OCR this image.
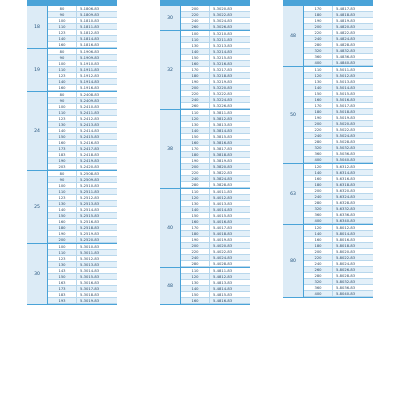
18
80	5-1806-83
90	5-1809-83
100	5-1810-83
110	5-1811-83
123	5-1812-83
140	5-1814-83
160	5-1816-83
19
80	5-1906-83
90	5-1909-83
100	5-1910-83
110	5-1911-83
123	5-1912-83
140	5-1914-83
160	5-1916-83
24
80	5-2408-83
90	5-2409-83
100	5-2410-83
110	5-2411-83
123	5-2412-83
130	5-2413-83
140	5-2414-83
150	5-2415-83
160	5-2416-83
173	5-2417-83
183	5-2418-83
190	5-2419-83
203	5-2420-83
25
80	5-2508-83
90	5-2509-83
100	5-2510-83
110	5-2511-83
123	5-2512-83
130	5-2513-83
140	5-2514-83
150	5-2515-83
160	5-2516-83
180	5-2518-83
190	5-2519-83
200	5-2520-83
30
100	5-3010-83
110	5-3011-83
123	5-3012-83
130	5-3013-83
143	5-3014-83
150	5-3015-83
163	5-3016-83
173	5-3017-83
183	5-3018-83
193	5-3019-83
30
200	5-3020-83
220	5-3022-83
240	5-3024-83
260	5-3026-83
32
100	5-3210-83
110	5-3211-83
130	5-3213-83
140	5-3214-83
150	5-3215-83
160	5-3216-83
170	5-3217-83
180	5-3218-83
190	5-3219-83
200	5-3220-83
220	5-3222-83
240	5-3224-83
260	5-3226-83
38
110	5-3811-83
120	5-3812-83
130	5-3813-83
140	5-3814-83
150	5-3815-83
160	5-3816-83
170	5-3817-83
180	5-3818-83
190	5-3819-83
200	5-3820-83
220	5-3822-83
240	5-3824-83
280	5-3828-83
40
110	5-4011-83
120	5-4012-83
130	5-4013-83
140	5-4014-83
150	5-4015-83
160	5-4016-83
170	5-4017-83
180	5-4018-83
190	5-4019-83
200	5-4020-83
220	5-4022-83
240	5-4024-83
280	5-4028-83
48
110	5-4811-83
120	5-4812-83
130	5-4813-83
140	5-4814-83
150	5-4815-83
160	5-4816-83
48
170	5-4817-83
180	5-4818-83
190	5-4819-83
200	5-4820-83
220	5-4822-83
240	5-4824-83
280	5-4828-83
320	5-4832-83
360	5-4836-83
400	5-4840-83
50
110	5-5011-83
120	5-5012-83
130	5-5013-83
140	5-5014-83
150	5-5015-83
160	5-5016-83
170	5-5017-83
180	5-5018-83
190	5-5019-83
200	5-5020-83
220	5-5022-83
240	5-5024-83
280	5-5028-83
320	5-5032-83
360	5-5036-83
400	5-5040-83
63
120	5-6312-83
140	5-6314-83
160	5-6316-83
180	5-6318-83
200	5-6320-83
240	5-6324-83
280	5-6328-83
320	5-6332-83
360	5-6336-83
400	5-6340-83
80
120	5-8012-83
140	5-8014-83
160	5-8016-83
180	5-8018-83
200	5-8020-83
220	5-8022-83
240	5-8024-83
260	5-8026-83
280	5-8028-83
320	5-8032-83
360	5-8036-83
400	5-8040-83
